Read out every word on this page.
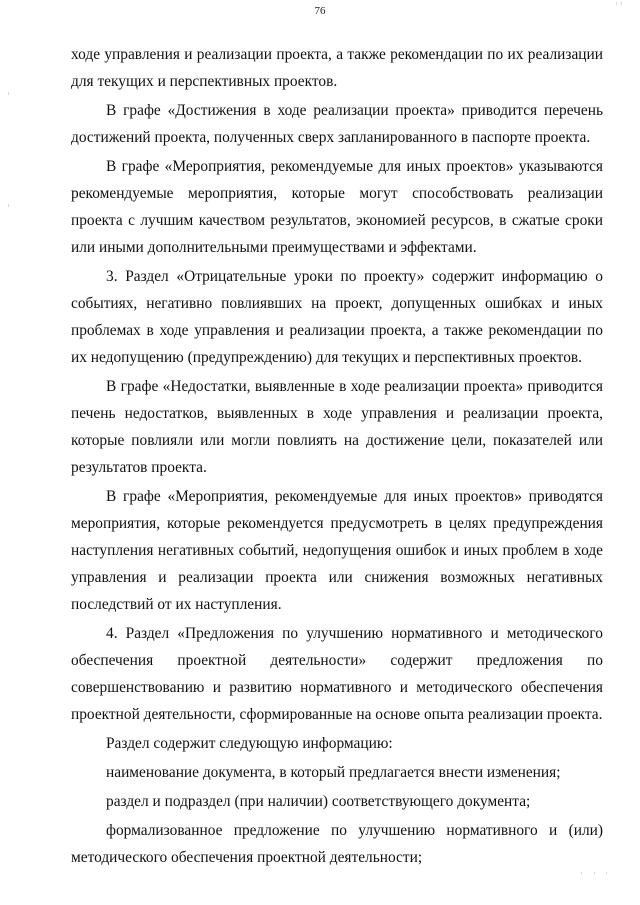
76

ходе управления и реализации проекта, а также рекомендации по их реализации для текущих и перспективных проектов.

В графе «Достижения в ходе реализации проекта» приводится перечень достижений проекта, полученных сверх запланированного в паспорте проекта.

В графе «Мероприятия, рекомендуемые для иных проектов» указываются рекомендуемые мероприятия, которые могут способствовать реализации проекта с лучшим качеством результатов, экономией ресурсов, в сжатые сроки или иными дополнительными преимуществами и эффектами.

3. Раздел «Отрицательные уроки по проекту» содержит информацию о событиях, негативно повлиявших на проект, допущенных ошибках и иных проблемах в ходе управления и реализации проекта, а также рекомендации по их недопущению (предупреждению) для текущих и перспективных проектов.

В графе «Недостатки, выявленные в ходе реализации проекта» приводится печень недостатков, выявленных в ходе управления и реализации проекта, которые повлияли или могли повлиять на достижение цели, показателей или результатов проекта.

В графе «Мероприятия, рекомендуемые для иных проектов» приводятся мероприятия, которые рекомендуется предусмотреть в целях предупреждения наступления негативных событий, недопущения ошибок и иных проблем в ходе управления и реализации проекта или снижения возможных негативных последствий от их наступления.

4. Раздел «Предложения по улучшению нормативного и методического обеспечения проектной деятельности» содержит предложения по совершенствованию и развитию нормативного и методического обеспечения проектной деятельности, сформированные на основе опыта реализации проекта.

Раздел содержит следующую информацию:

наименование документа, в который предлагается внести изменения;

раздел и подраздел (при наличии) соответствующего документа;

формализованное предложение по улучшению нормативного и (или) методического обеспечения проектной деятельности;
